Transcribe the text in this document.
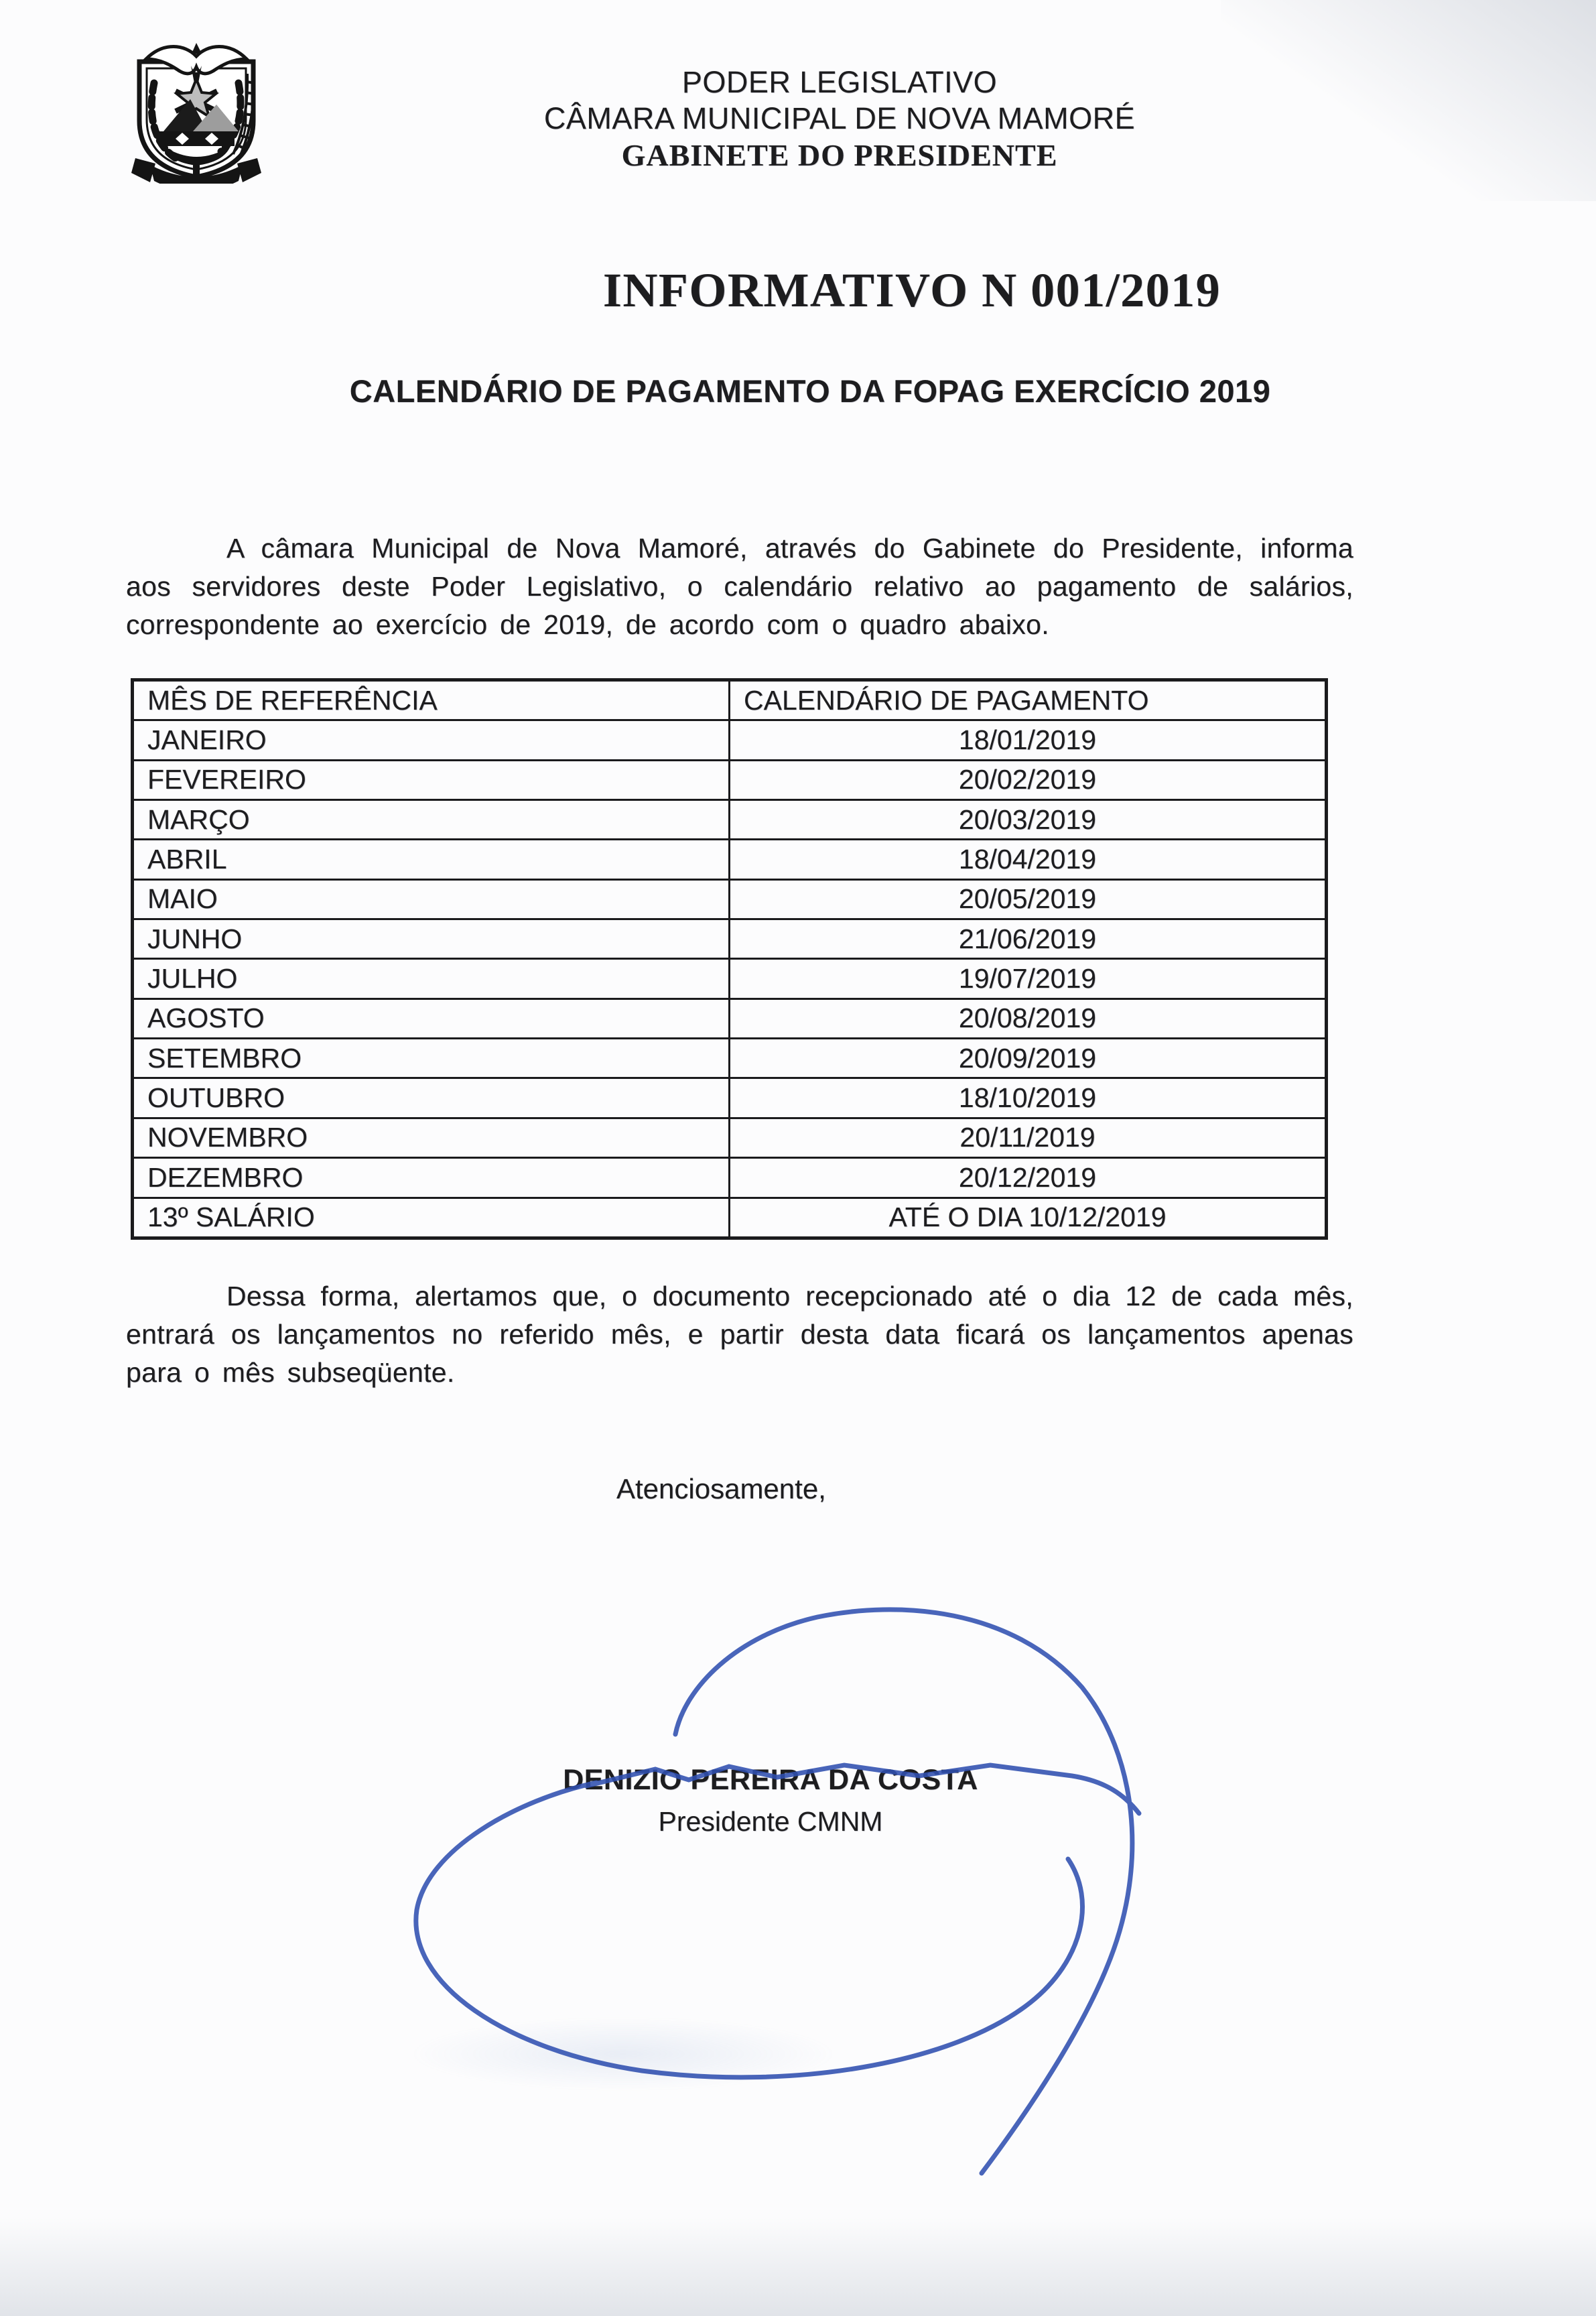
PODER LEGISLATIVO
CÂMARA MUNICIPAL DE NOVA MAMORÉ
GABINETE DO PRESIDENTE
INFORMATIVO N 001/2019
CALENDÁRIO DE PAGAMENTO DA FOPAG EXERCÍCIO 2019
A câmara Municipal de Nova Mamoré, através do Gabinete do Presidente, informa aos servidores deste Poder Legislativo, o calendário relativo ao pagamento de salários, correspondente ao exercício de 2019, de acordo com o quadro abaixo.
MÊS DE REFERÊNCIA	CALENDÁRIO DE PAGAMENTO
JANEIRO	18/01/2019
FEVEREIRO	20/02/2019
MARÇO	20/03/2019
ABRIL	18/04/2019
MAIO	20/05/2019
JUNHO	21/06/2019
JULHO	19/07/2019
AGOSTO	20/08/2019
SETEMBRO	20/09/2019
OUTUBRO	18/10/2019
NOVEMBRO	20/11/2019
DEZEMBRO	20/12/2019
13º SALÁRIO	ATÉ O DIA 10/12/2019
Dessa forma, alertamos que, o documento recepcionado até o dia 12 de cada mês, entrará os lançamentos no referido mês, e partir desta data ficará os lançamentos apenas para o mês subseqüente.
Atenciosamente,
DENIZIO PEREIRA DA COSTA
Presidente CMNM
